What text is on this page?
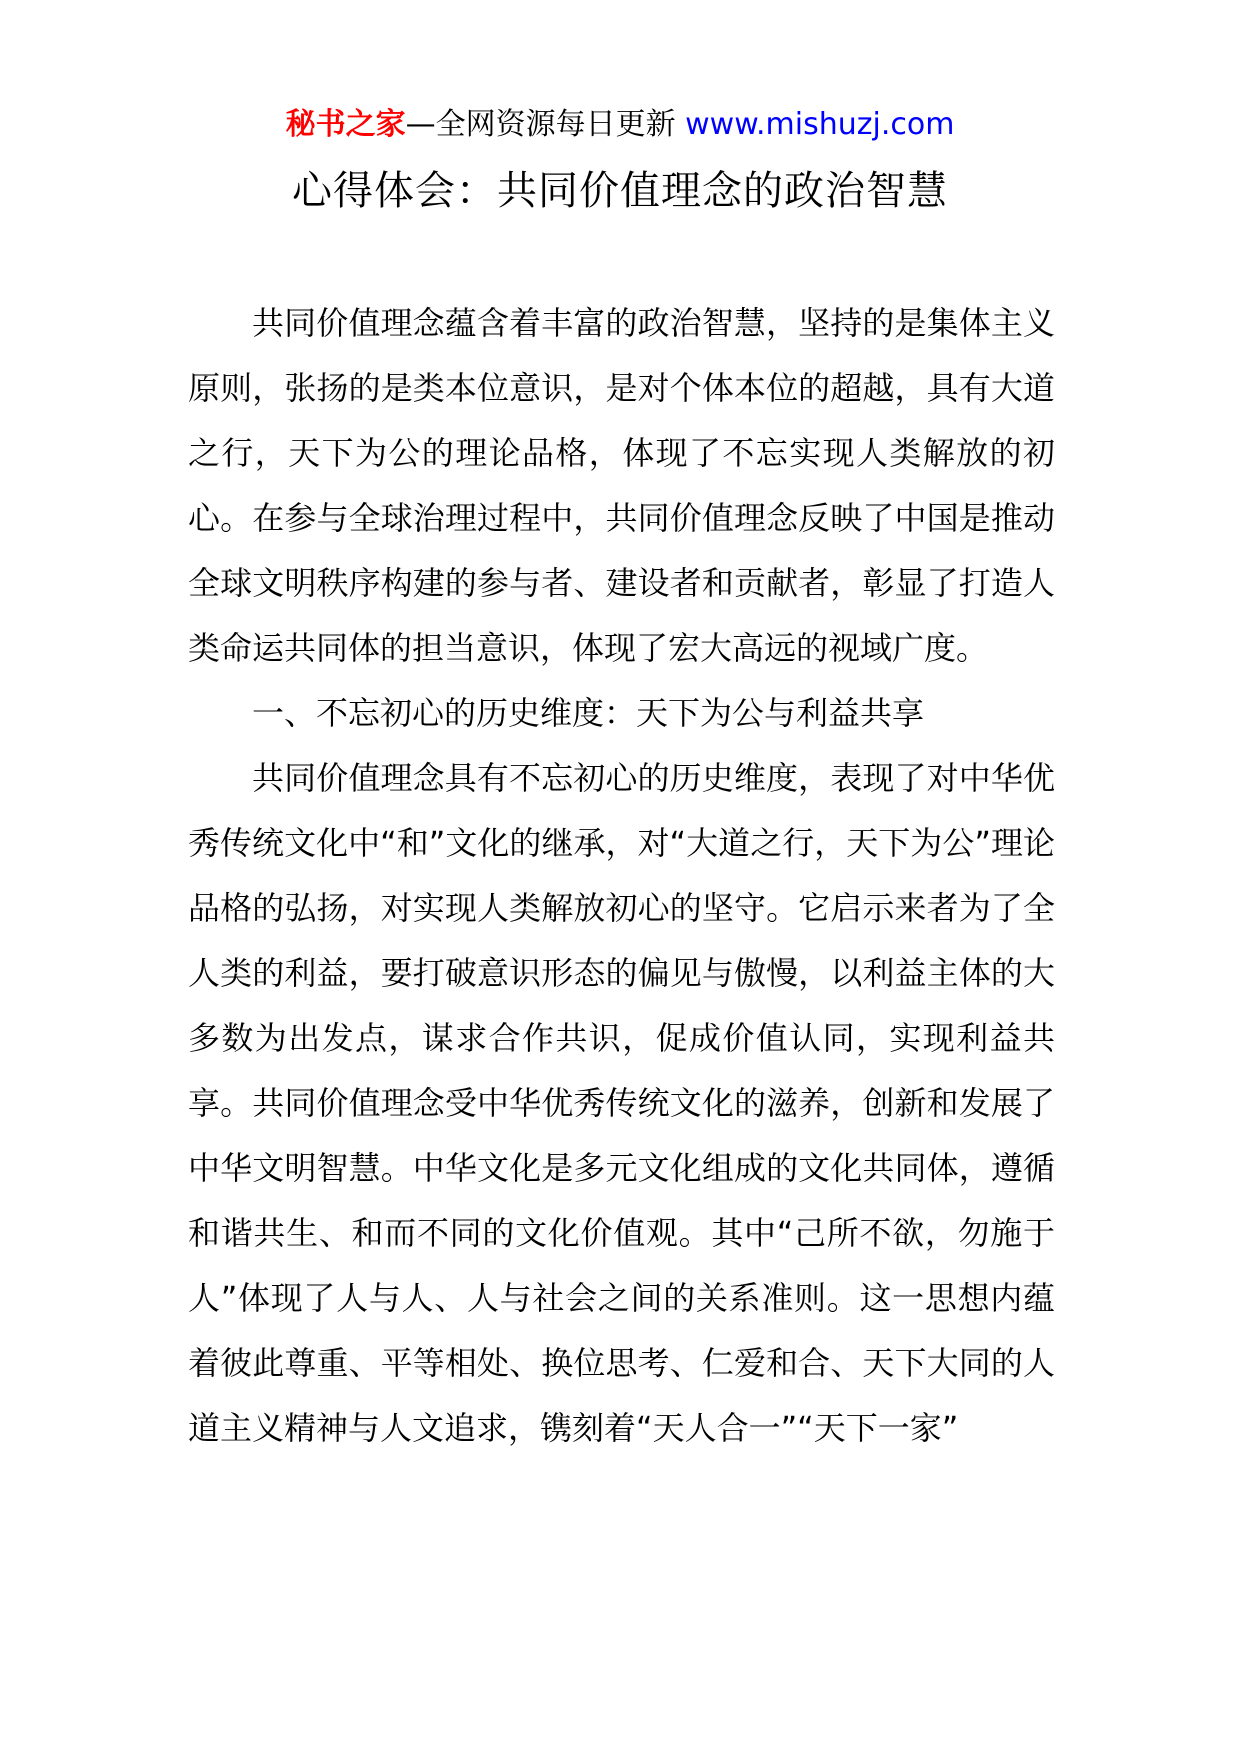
秘书之家—全网资源每日更新 www.mishuzj.com
心得体会：共同价值理念的政治智慧

共同价值理念蕴含着丰富的政治智慧，坚持的是集体主义原则，张扬的是类本位意识，是对个体本位的超越，具有大道之行，天下为公的理论品格，体现了不忘实现人类解放的初心。在参与全球治理过程中，共同价值理念反映了中国是推动全球文明秩序构建的参与者、建设者和贡献者，彰显了打造人类命运共同体的担当意识，体现了宏大高远的视域广度。

一、不忘初心的历史维度：天下为公与利益共享

共同价值理念具有不忘初心的历史维度，表现了对中华优秀传统文化中“和”文化的继承，对“大道之行，天下为公”理论品格的弘扬，对实现人类解放初心的坚守。它启示来者为了全人类的利益，要打破意识形态的偏见与傲慢，以利益主体的大多数为出发点，谋求合作共识，促成价值认同，实现利益共享。共同价值理念受中华优秀传统文化的滋养，创新和发展了中华文明智慧。中华文化是多元文化组成的文化共同体，遵循和谐共生、和而不同的文化价值观。其中“己所不欲，勿施于人”体现了人与人、人与社会之间的关系准则。这一思想内蕴着彼此尊重、平等相处、换位思考、仁爱和合、天下大同的人道主义精神与人文追求，镌刻着“天人合一”“天下一家”
